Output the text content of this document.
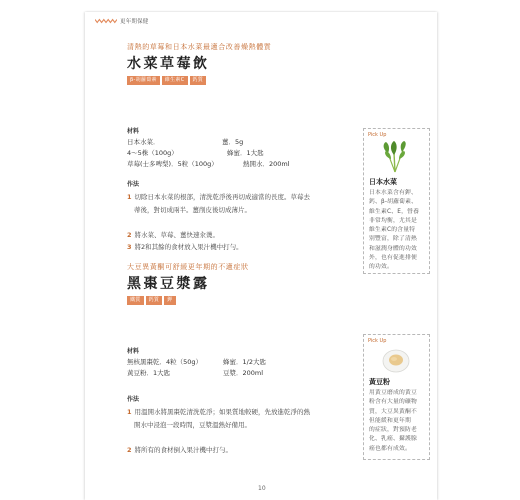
更年期保健
清熱的草莓和日本水菜最適合改善燥熱體質
水菜草莓飲
β-胡蘿蔔素	維生素C	鈣質
材料
日本水菜．	薑．5g
4～5株（100g）	蜂蜜．1大匙
草莓(士多啤梨)．5粒（100g）	熱開水．200ml
作法
1 切除日本水菜的根部，清洗乾淨後再切成適當的長度。草莓去蒂後，對切成兩半。薑削皮後切成薄片。
2 將水菜、草莓、薑快速汆燙。
3 將2和其餘的食材放入果汁機中打勻。
Pick Up
日本水菜
日本水菜含有鉀、
鈣、β-胡蘿蔔素、
維生素C、E，營養
非常均衡，尤其是
維生素C的含量特
別豐富，除了清熱
和滋潤身體的功效
外，也有促進排便
的功效。
大豆異黃酮可舒緩更年期的不適症狀
黑棗豆漿露
鐵質	鈣質	鉀
材料
無核黑棗乾．4粒（50g）	蜂蜜．1/2大匙
黃豆粉．1大匙	豆漿．200ml
作法
1 用溫開水將黑棗乾清洗乾淨；如果質地較硬，先放進乾淨的熱開水中浸泡一段時間，豆漿溫熱好備用。
2 將所有的食材倒入果汁機中打勻。
Pick Up
黃豆粉
用黃豆磨成的黃豆
粉含有大量的礦物
質，大豆異黃酮不
但能緩和更年期
的症狀，對預防老
化、乳癌、攝護腺
癌也都有成效。
10
